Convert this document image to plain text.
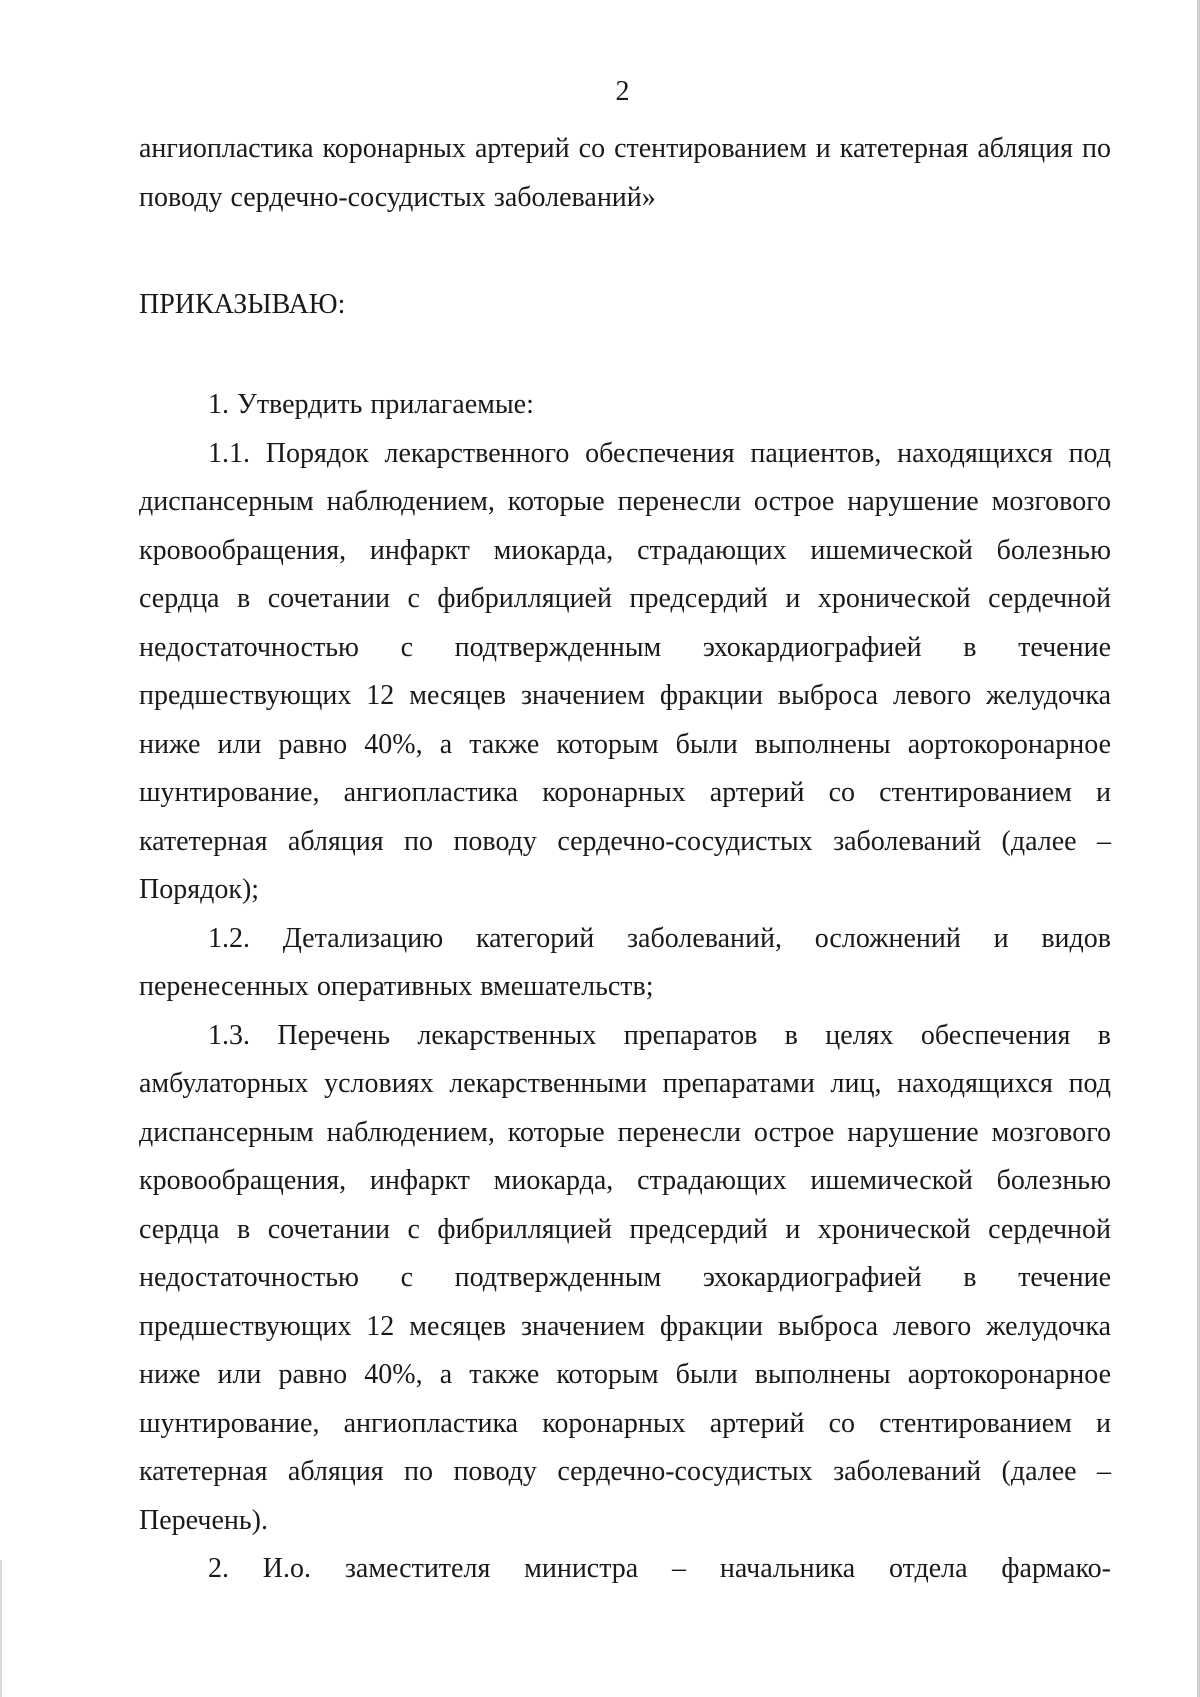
2

ангиопластика коронарных артерий со стентированием и катетерная абляция по поводу сердечно-сосудистых заболеваний»

ПРИКАЗЫВАЮ:

1. Утвердить прилагаемые:

1.1. Порядок лекарственного обеспечения пациентов, находящихся под диспансерным наблюдением, которые перенесли острое нарушение мозгового кровообращения, инфаркт миокарда, страдающих ишемической болезнью сердца в сочетании с фибрилляцией предсердий и хронической сердечной недостаточностью с подтвержденным эхокардиографией в течение предшествующих 12 месяцев значением фракции выброса левого желудочка ниже или равно 40%, а также которым были выполнены аортокоронарное шунтирование, ангиопластика коронарных артерий со стентированием и катетерная абляция по поводу сердечно-сосудистых заболеваний (далее – Порядок);

1.2. Детализацию категорий заболеваний, осложнений и видов перенесенных оперативных вмешательств;

1.3. Перечень лекарственных препаратов в целях обеспечения в амбулаторных условиях лекарственными препаратами лиц, находящихся под диспансерным наблюдением, которые перенесли острое нарушение мозгового кровообращения, инфаркт миокарда, страдающих ишемической болезнью сердца в сочетании с фибрилляцией предсердий и хронической сердечной недостаточностью с подтвержденным эхокардиографией в течение предшествующих 12 месяцев значением фракции выброса левого желудочка ниже или равно 40%, а также которым были выполнены аортокоронарное шунтирование, ангиопластика коронарных артерий со стентированием и катетерная абляция по поводу сердечно-сосудистых заболеваний (далее – Перечень).

2. И.о. заместителя министра – начальника отдела фармако-
